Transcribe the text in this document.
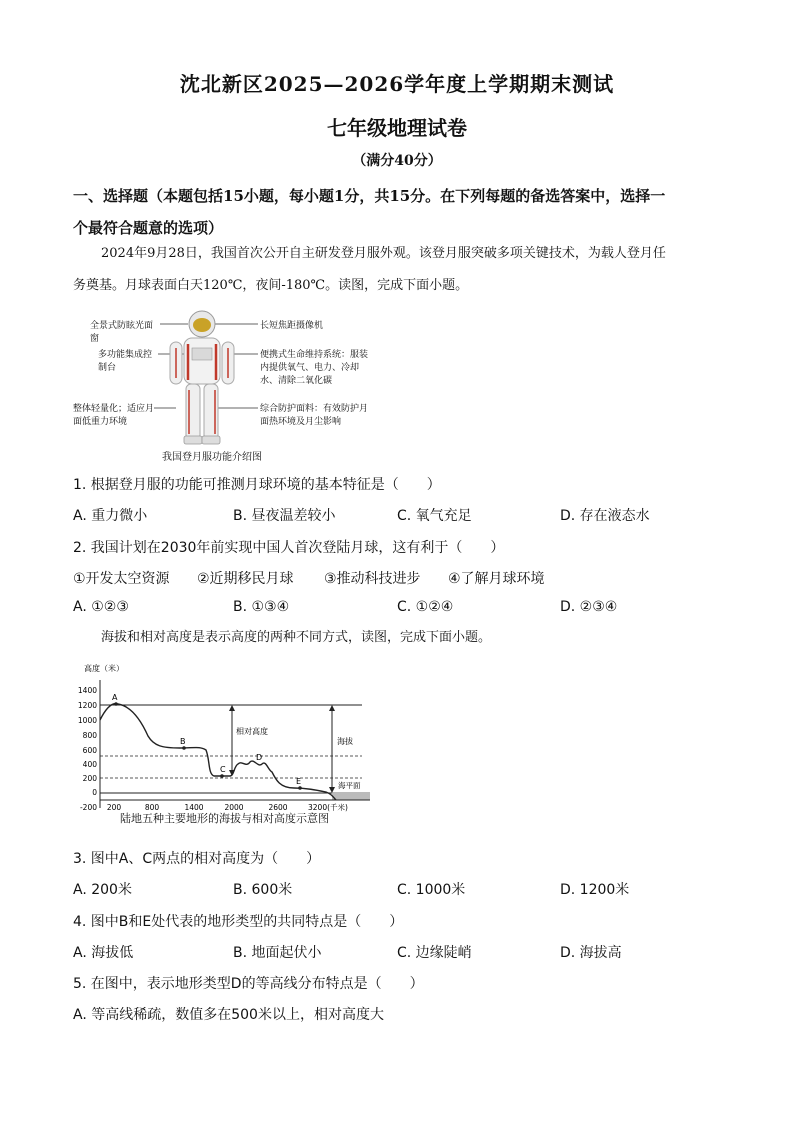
沈北新区2025—2026学年度上学期期末测试
七年级地理试卷
（满分40分）
一、选择题（本题包括15小题，每小题1分，共15分。在下列每题的备选答案中，选择一
个最符合题意的选项）
2024年9月28日，我国首次公开自主研发登月服外观。该登月服突破多项关键技术，为载人登月任
务奠基。月球表面白天120℃，夜间-180℃。读图，完成下面小题。
全景式防眩光面窗
多功能集成控制台
整体轻量化；适应月面低重力环境
长短焦距摄像机
便携式生命维持系统：服装内提供氧气、电力、冷却水、清除二氧化碳
综合防护面料：有效防护月面热环境及月尘影响
我国登月服功能介绍图
1. 根据登月服的功能可推测月球环境的基本特征是（　　）
A. 重力微小	B. 昼夜温差较小	C. 氧气充足	D. 存在液态水
2. 我国计划在2030年前实现中国人首次登陆月球，这有利于（　　）
①开发太空资源 ②近期移民月球 ③推动科技进步 ④了解月球环境
A. ①②③	B. ①③④	C. ①②④	D. ②③④
海拔和相对高度是表示高度的两种不同方式，读图，完成下面小题。
高度（米）
1400
1200
1000
800
600
400
200
0
-200 200	800	1400	2000	2600	3200(千米)
A
B
C
D
E
相对高度
海拔
海平面
陆地五种主要地形的海拔与相对高度示意图
3. 图中A、C两点的相对高度为（　　）
A. 200米	B. 600米	C. 1000米	D. 1200米
4. 图中B和E处代表的地形类型的共同特点是（　　）
A. 海拔低	B. 地面起伏小	C. 边缘陡峭	D. 海拔高
5. 在图中，表示地形类型D的等高线分布特点是（　　）
A. 等高线稀疏，数值多在500米以上，相对高度大
